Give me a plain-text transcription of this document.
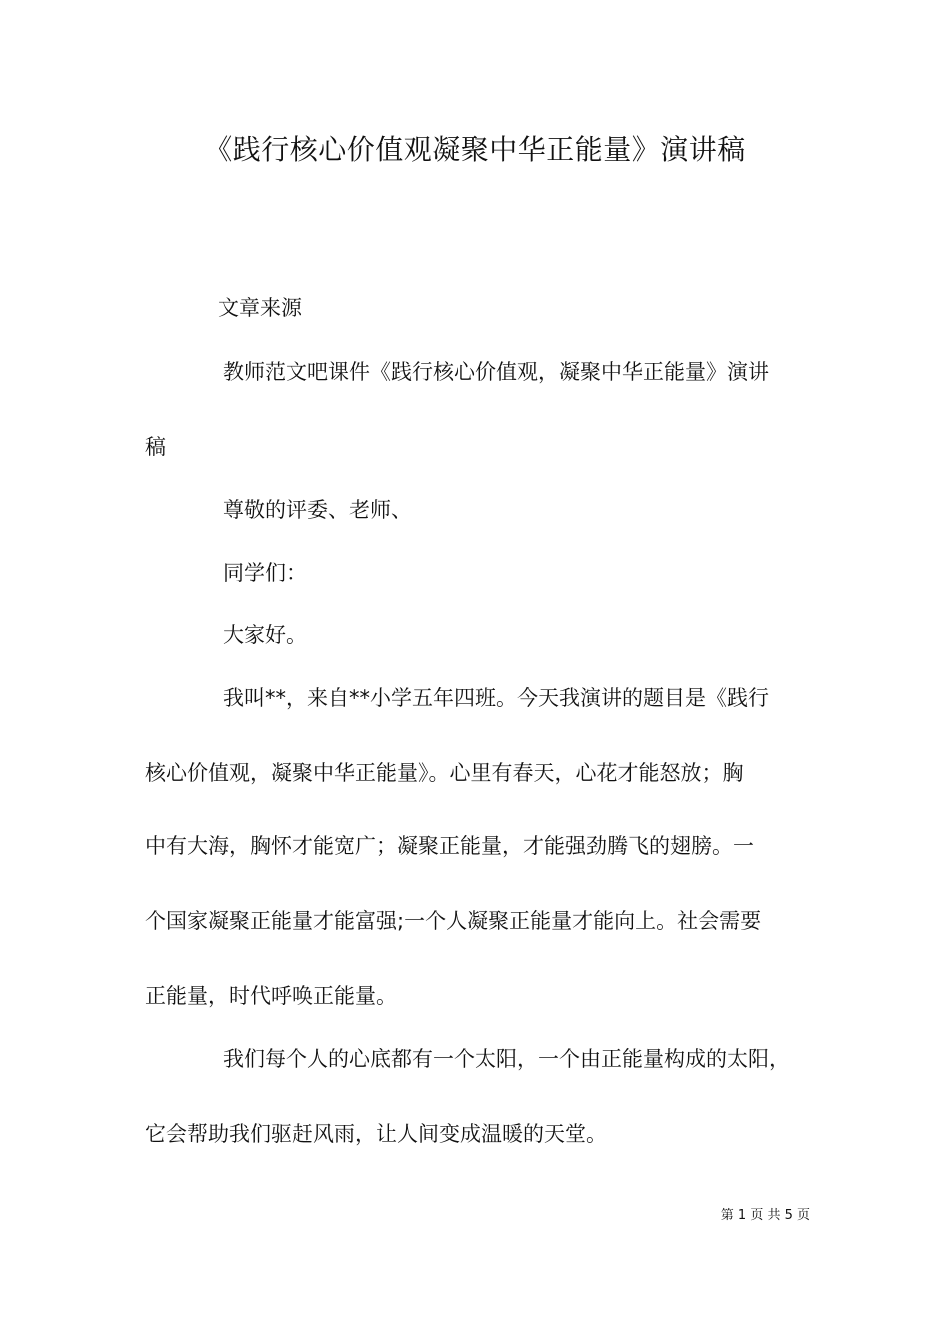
《践行核心价值观凝聚中华正能量》演讲稿
文章来源
教师范文吧课件《践行核心价值观，凝聚中华正能量》演讲
稿
尊敬的评委、老师、
同学们：
大家好。
我叫**，来自**小学五年四班。今天我演讲的题目是《践行
核心价值观，凝聚中华正能量》。心里有春天，心花才能怒放；胸
中有大海，胸怀才能宽广；凝聚正能量，才能强劲腾飞的翅膀。一
个国家凝聚正能量才能富强;一个人凝聚正能量才能向上。社会需要
正能量，时代呼唤正能量。
我们每个人的心底都有一个太阳，一个由正能量构成的太阳，
它会帮助我们驱赶风雨，让人间变成温暖的天堂。
第 1 页 共 5 页
